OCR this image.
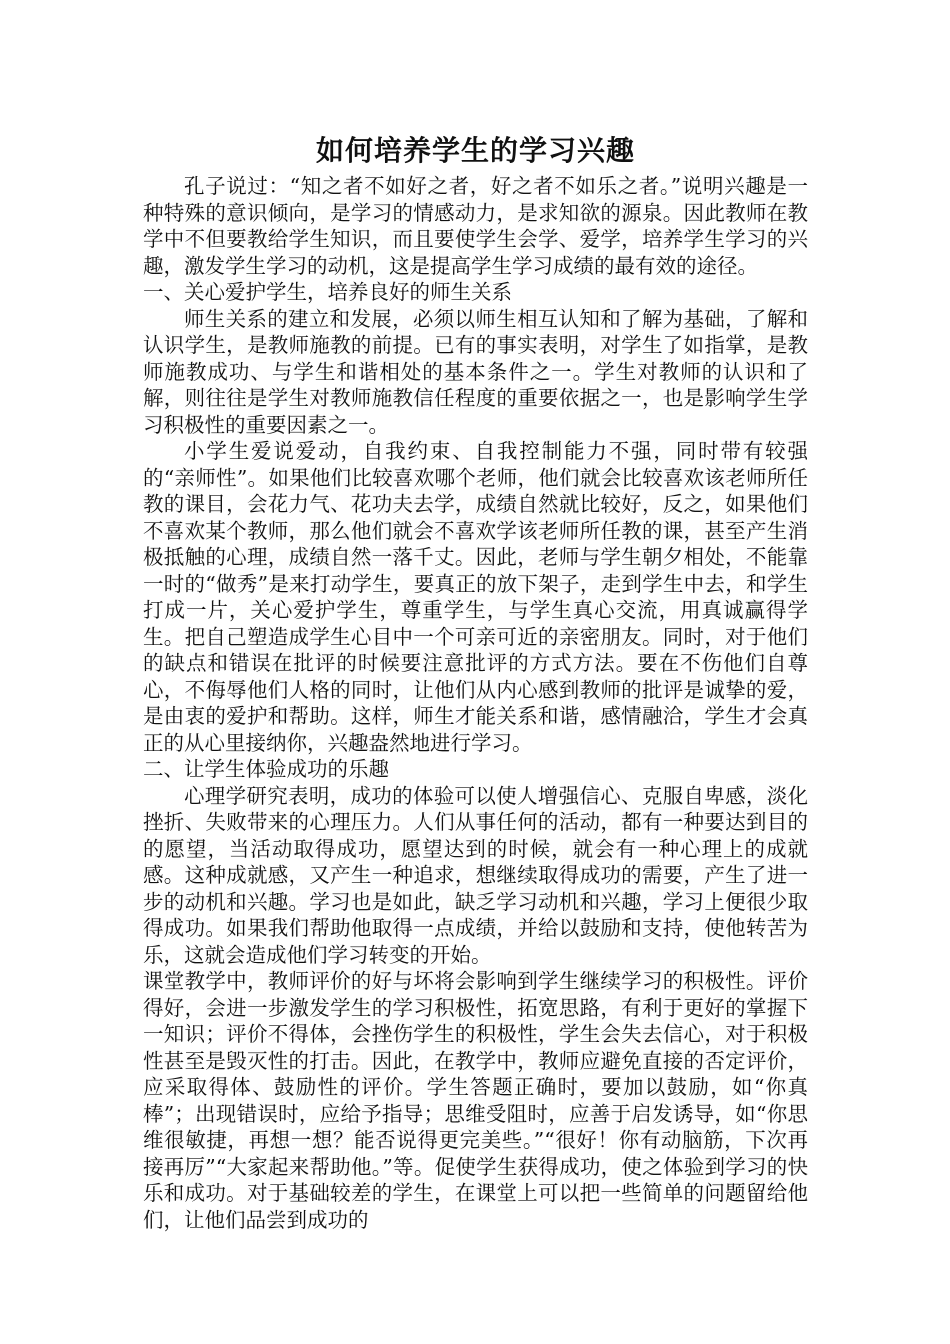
如何培养学生的学习兴趣

孔子说过：“知之者不如好之者，好之者不如乐之者。”说明兴趣是一种特殊的意识倾向，是学习的情感动力，是求知欲的源泉。因此教师在教学中不但要教给学生知识，而且要使学生会学、爱学，培养学生学习的兴趣，激发学生学习的动机，这是提高学生学习成绩的最有效的途径。

一、关心爱护学生，培养良好的师生关系

师生关系的建立和发展，必须以师生相互认知和了解为基础，了解和认识学生，是教师施教的前提。已有的事实表明，对学生了如指掌，是教师施教成功、与学生和谐相处的基本条件之一。学生对教师的认识和了解，则往往是学生对教师施教信任程度的重要依据之一，也是影响学生学习积极性的重要因素之一。

小学生爱说爱动，自我约束、自我控制能力不强，同时带有较强的“亲师性”。如果他们比较喜欢哪个老师，他们就会比较喜欢该老师所任教的课目，会花力气、花功夫去学，成绩自然就比较好，反之，如果他们不喜欢某个教师，那么他们就会不喜欢学该老师所任教的课，甚至产生消极抵触的心理，成绩自然一落千丈。因此，老师与学生朝夕相处，不能靠一时的“做秀”是来打动学生，要真正的放下架子，走到学生中去，和学生打成一片，关心爱护学生，尊重学生，与学生真心交流，用真诚赢得学生。把自己塑造成学生心目中一个可亲可近的亲密朋友。同时，对于他们的缺点和错误在批评的时候要注意批评的方式方法。要在不伤他们自尊心，不侮辱他们人格的同时，让他们从内心感到教师的批评是诚挚的爱，是由衷的爱护和帮助。这样，师生才能关系和谐，感情融洽，学生才会真正的从心里接纳你，兴趣盎然地进行学习。

二、让学生体验成功的乐趣

心理学研究表明，成功的体验可以使人增强信心、克服自卑感，淡化挫折、失败带来的心理压力。人们从事任何的活动，都有一种要达到目的的愿望，当活动取得成功，愿望达到的时候，就会有一种心理上的成就感。这种成就感，又产生一种追求，想继续取得成功的需要，产生了进一步的动机和兴趣。学习也是如此，缺乏学习动机和兴趣，学习上便很少取得成功。如果我们帮助他取得一点成绩，并给以鼓励和支持，使他转苦为乐，这就会造成他们学习转变的开始。

课堂教学中，教师评价的好与坏将会影响到学生继续学习的积极性。评价得好，会进一步激发学生的学习积极性，拓宽思路，有利于更好的掌握下一知识；评价不得体，会挫伤学生的积极性，学生会失去信心，对于积极性甚至是毁灭性的打击。因此，在教学中，教师应避免直接的否定评价，应采取得体、鼓励性的评价。学生答题正确时，要加以鼓励，如“你真棒”；出现错误时，应给予指导；思维受阻时，应善于启发诱导，如“你思维很敏捷，再想一想？能否说得更完美些。”“很好！你有动脑筋，下次再接再厉”“大家起来帮助他。”等。促使学生获得成功，使之体验到学习的快乐和成功。对于基础较差的学生，在课堂上可以把一些简单的问题留给他们，让他们品尝到成功的
